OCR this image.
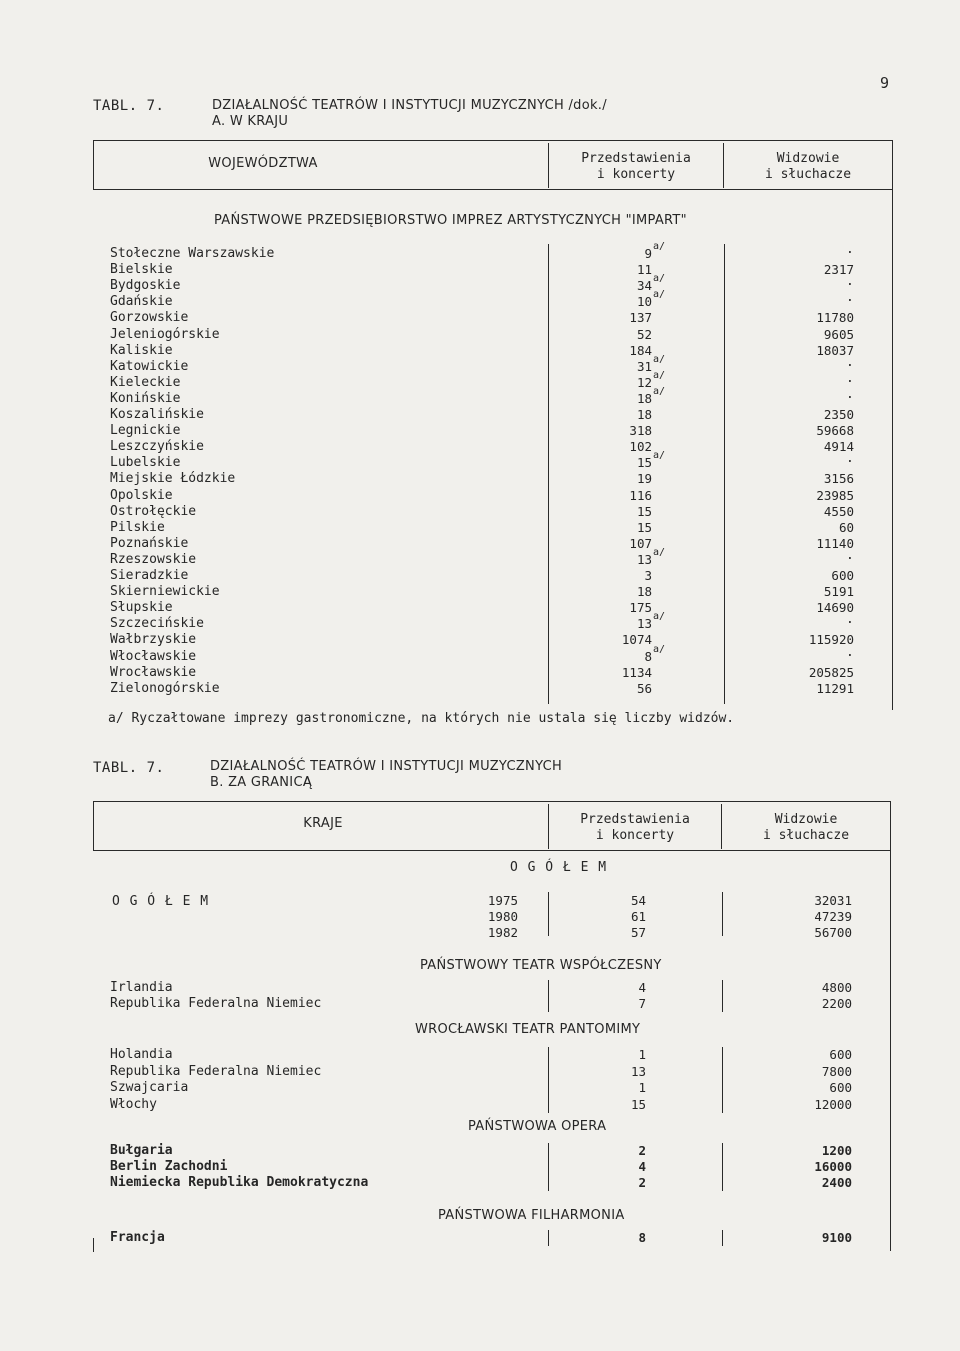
9
TABL. 7.	DZIAŁALNOŚĆ TEATRÓW I INSTYTUCJI MUZYCZNYCH /dok./
A. W KRAJU
WOJEWÓDZTWA	Przedstawienia
i koncerty
Widzowie
i słuchacze
PAŃSTWOWE PRZEDSIĘBIORSTWO IMPREZ ARTYSTYCZNYCH "IMPART"
Stołeczne Warszawskie	9 a/	.
Bielskie	11	2317
Bydgoskie	34 a/	.
Gdańskie	10 a/	.
Gorzowskie	137	11780
Jeleniogórskie	52	9605
Kaliskie	184	18037
Katowickie	31 a/	.
Kieleckie	12 a/	.
Konińskie	18 a/	.
Koszalińskie	18	2350
Legnickie	318	59668
Leszczyńskie	102	4914
Lubelskie	15 a/	.
Miejskie Łódzkie	19	3156
Opolskie	116	23985
Ostrołęckie	15	4550
Pilskie	15	60
Poznańskie	107	11140
Rzeszowskie	13 a/	.
Sieradzkie	3	600
Skierniewickie	18	5191
Słupskie	175	14690
Szczecińskie	13 a/	.
Wałbrzyskie	1074	115920
Włocławskie	8 a/	.
Wrocławskie	1134	205825
Zielonogórskie	56	11291
a/ Ryczałtowane imprezy gastronomiczne, na których nie ustala się liczby widzów.
TABL. 7.	DZIAŁALNOŚĆ TEATRÓW I INSTYTUCJI MUZYCZNYCH
B. ZA GRANICĄ
KRAJE	Przedstawienia
i koncerty
Widzowie
i słuchacze
O G Ó Ł E M
O G Ó Ł E M	1975	54	32031
1980	61	47239
1982	57	56700
PAŃSTWOWY TEATR WSPÓŁCZESNY
Irlandia	4	4800
Republika Federalna Niemiec	7	2200
WROCŁAWSKI TEATR PANTOMIMY
Holandia	1	600
Republika Federalna Niemiec	13	7800
Szwajcaria	1	600
Włochy	15	12000
PAŃSTWOWA OPERA
Bułgaria	2	1200
Berlin Zachodni	4	16000
Niemiecka Republika Demokratyczna	2	2400
PAŃSTWOWA FILHARMONIA
Francja	8	9100
